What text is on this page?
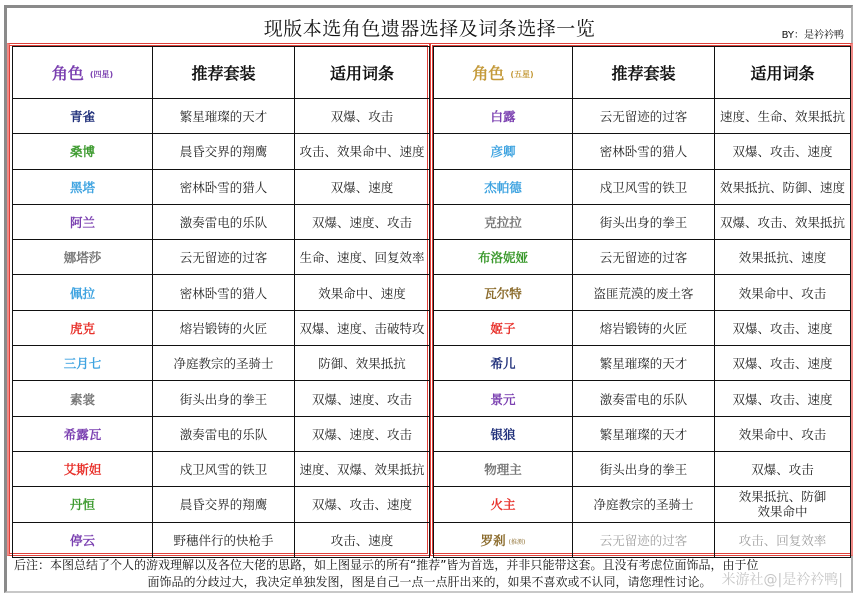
现版本选角色遗器选择及词条选择一览	BY：是衿衿鸭
角色 (四星)	推荐套装	适用词条
青雀	繁星璀璨的天才	双爆、攻击
桑博	晨昏交界的翔鹰	攻击、效果命中、速度
黑塔	密林卧雪的猎人	双爆、速度
阿兰	激奏雷电的乐队	双爆、速度、攻击
娜塔莎	云无留迹的过客	生命、速度、回复效率
佩拉	密林卧雪的猎人	效果命中、速度
虎克	熔岩锻铸的火匠	双爆、速度、击破特攻
三月七	净庭教宗的圣骑士	防御、效果抵抗
素裳	街头出身的拳王	双爆、速度、攻击
希露瓦	激奏雷电的乐队	双爆、速度、攻击
艾斯妲	戍卫风雪的铁卫	速度、双爆、效果抵抗
丹恒	晨昏交界的翔鹰	双爆、攻击、速度
停云	野穗伴行的快枪手	攻击、速度
角色 (五星)	推荐套装	适用词条
白露	云无留迹的过客	速度、生命、效果抵抗
彦卿	密林卧雪的猎人	双爆、攻击、速度
杰帕德	戍卫风雪的铁卫	效果抵抗、防御、速度
克拉拉	街头出身的拳王	双爆、攻击、效果抵抗
布洛妮娅	云无留迹的过客	效果抵抗、速度
瓦尔特	盗匪荒漠的废土客	效果命中、攻击
姬子	熔岩锻铸的火匠	双爆、攻击、速度
希儿	繁星璀璨的天才	双爆、攻击、速度
景元	激奏雷电的乐队	双爆、攻击、速度
银狼	繁星璀璨的天才	效果命中、攻击
物理主	街头出身的拳王	双爆、攻击
火主	净庭教宗的圣骑士	效果抵抗、防御
效果命中

罗刹 (推测)	云无留迹的过客	攻击、回复效率
后注：本图总结了个人的游戏理解以及各位大佬的思路，如上图显示的所有“推荐”皆为首选，并非只能带这套。且没有考虑位面饰品，由于位
面饰品的分歧过大，我决定单独发图，图是自己一点一点肝出来的，如果不喜欢或不认同，请您理性讨论。 米游社@|是衿衿鸭|
